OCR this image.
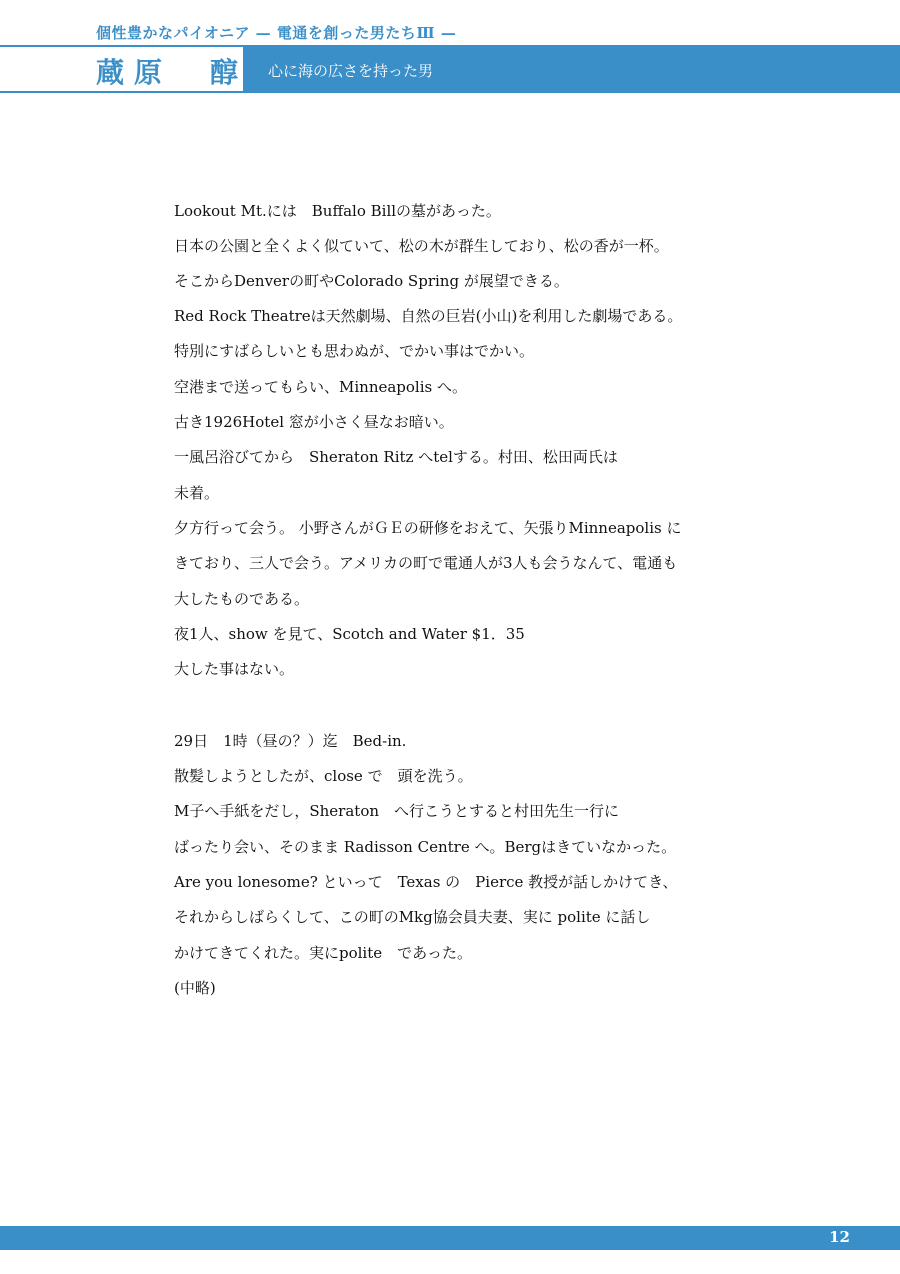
個性豊かなパイオニア — 電通を創った男たちⅢ —
蔵原　醇 心に海の広さを持った男
Lookout Mt.には　Buffalo Billの墓があった。
日本の公園と全くよく似ていて、松の木が群生しており、松の香が一杯。
そこからDenverの町やColorado Spring が展望できる。
Red Rock Theatreは天然劇場、自然の巨岩(小山)を利用した劇場である。
特別にすばらしいとも思わぬが、でかい事はでかい。
空港まで送ってもらい、Minneapolis へ。
古き1926Hotel 窓が小さく昼なお暗い。
一風呂浴びてから　Sheraton Ritz へtelする。村田、松田両氏は
未着。
夕方行って会う。 小野さんがＧＥの研修をおえて、矢張りMinneapolis に
きており、三人で会う。アメリカの町で電通人が3人も会うなんて、電通も
大したものである。
夜1人、show を見て、Scotch and Water $1．35
大した事はない。
29日　1時（昼の？）迄　Bed-in.
散髪しようとしたが、close で　頭を洗う。
M子へ手紙をだし，Sheraton　へ行こうとすると村田先生一行に
ばったり会い、そのまま Radisson Centre へ。Bergはきていなかった。
Are you lonesome? といって　Texas の　Pierce 教授が話しかけてき、
それからしばらくして、この町のMkg協会員夫妻、実に polite に話し
かけてきてくれた。実にpolite　であった。
(中略)
12
